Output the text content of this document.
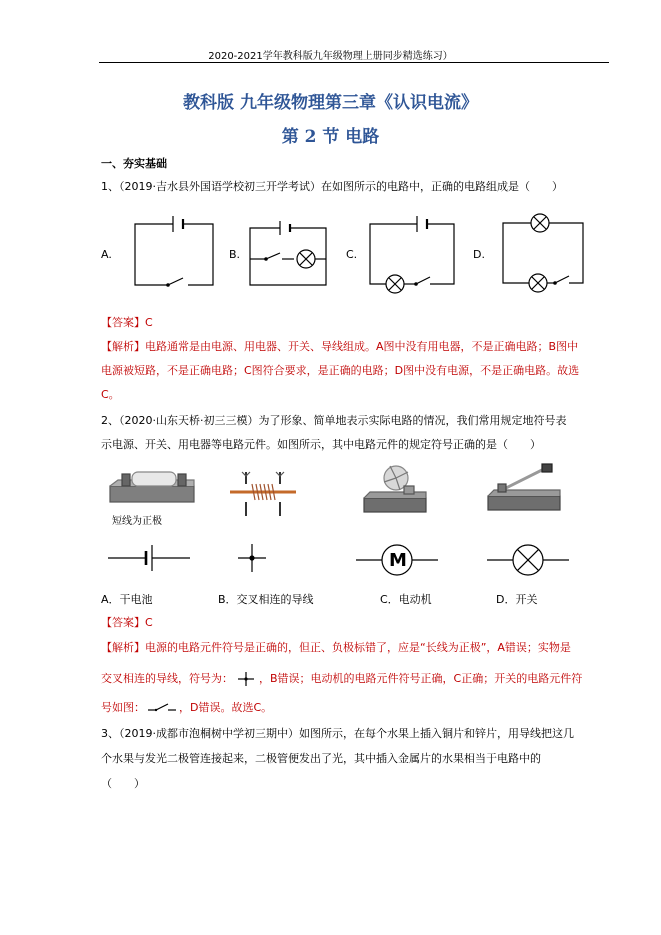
2020-2021学年教科版九年级物理上册同步精选练习）
教科版 九年级物理第三章《认识电流》
第 2 节 电路
一、夯实基础
1、（2019·吉水县外国语学校初三开学考试）在如图所示的电路中，正确的电路组成是（　　）
A.	B.	C.	D.
【答案】C
【解析】电路通常是由电源、用电器、开关、导线组成。A图中没有用电器，不是正确电路；B图中
电源被短路，不是正确电路；C图符合要求，是正确的电路；D图中没有电源，不是正确电路。故选
C。
2、（2020·山东天桥·初三三模）为了形象、简单地表示实际电路的情况，我们常用规定地符号表
示电源、开关、用电器等电路元件。如图所示，其中电路元件的规定符号正确的是（　　）
短线为正极
M
A．干电池	B．交叉相连的导线	C．电动机	D．开关
【答案】C
【解析】电源的电路元件符号是正确的，但正、负极标错了，应是“长线为正极”，A错误；实物是
交叉相连的导线，符号为： ，B错误；电动机的电路元件符号正确，C正确；开关的电路元件符
号如图：	，D错误。故选C。
3、（2019·成都市泡桐树中学初三期中）如图所示，在每个水果上插入铜片和锌片，用导线把这几
个水果与发光二极管连接起来，二极管便发出了光，其中插入金属片的水果相当于电路中的
（　　）
